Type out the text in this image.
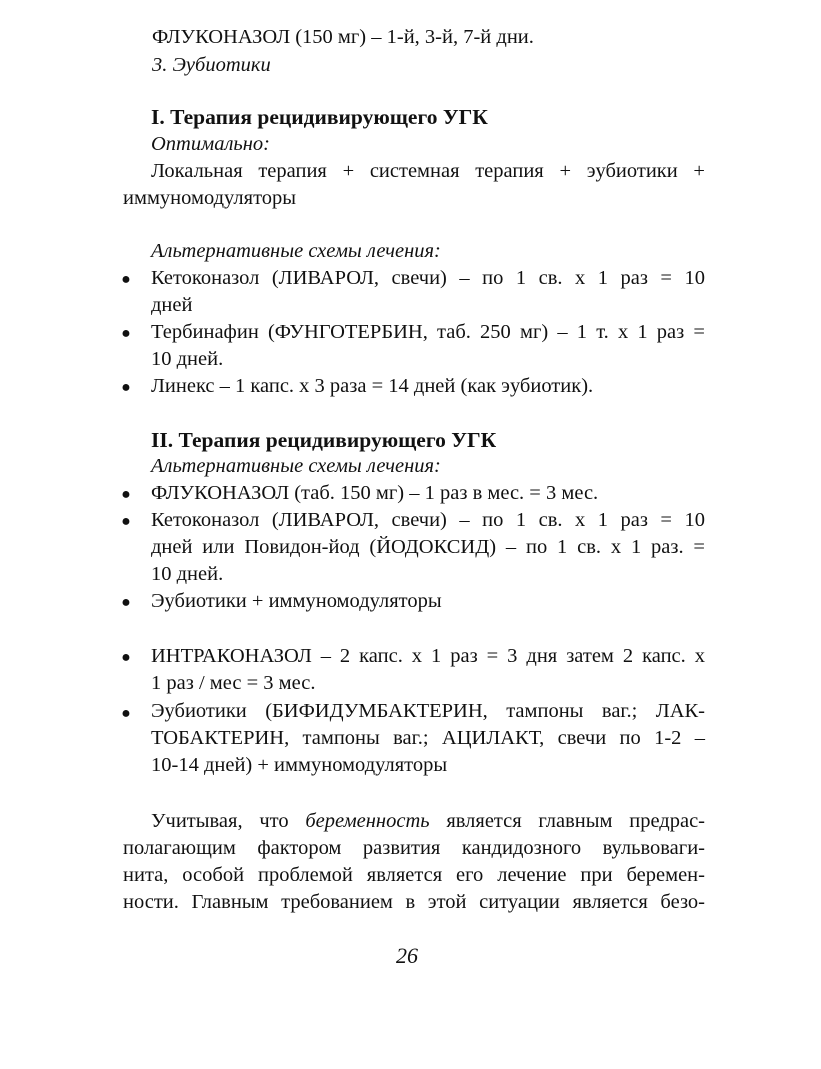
ФЛУКОНАЗОЛ (150 мг) – 1-й, 3-й, 7-й дни.
3. Эубиотики
I. Терапия рецидивирующего УГК
Оптимально:
Локальная терапия + системная терапия + эубиотики +
иммуномодуляторы
Альтернативные схемы лечения:
● Кетоконазол (ЛИВАРОЛ, свечи) – по 1 св. х 1 раз = 10
дней
● Тербинафин (ФУНГОТЕРБИН, таб. 250 мг) – 1 т. х 1 раз =
10 дней.
● Линекс – 1 капс. х 3 раза = 14 дней (как эубиотик).
II. Терапия рецидивирующего УГК
Альтернативные схемы лечения:
● ФЛУКОНАЗОЛ (таб. 150 мг) – 1 раз в мес. = 3 мес.
● Кетоконазол (ЛИВАРОЛ, свечи) – по 1 св. х 1 раз = 10
дней или Повидон-йод (ЙОДОКСИД) – по 1 св. х 1 раз. =
10 дней.
● Эубиотики + иммуномодуляторы
● ИНТРАКОНАЗОЛ – 2 капс. х 1 раз = 3 дня затем 2 капс. х
1 раз / мес = 3 мес.
● Эубиотики (БИФИДУМБАКТЕРИН, тампоны ваг.; ЛАК-
ТОБАКТЕРИН, тампоны ваг.; АЦИЛАКТ, свечи по 1-2 –
10-14 дней) + иммуномодуляторы
Учитывая, что беременность является главным предрас-
полагающим фактором развития кандидозного вульвоваги-
нита, особой проблемой является его лечение при беремен-
ности. Главным требованием в этой ситуации является безо-
26
